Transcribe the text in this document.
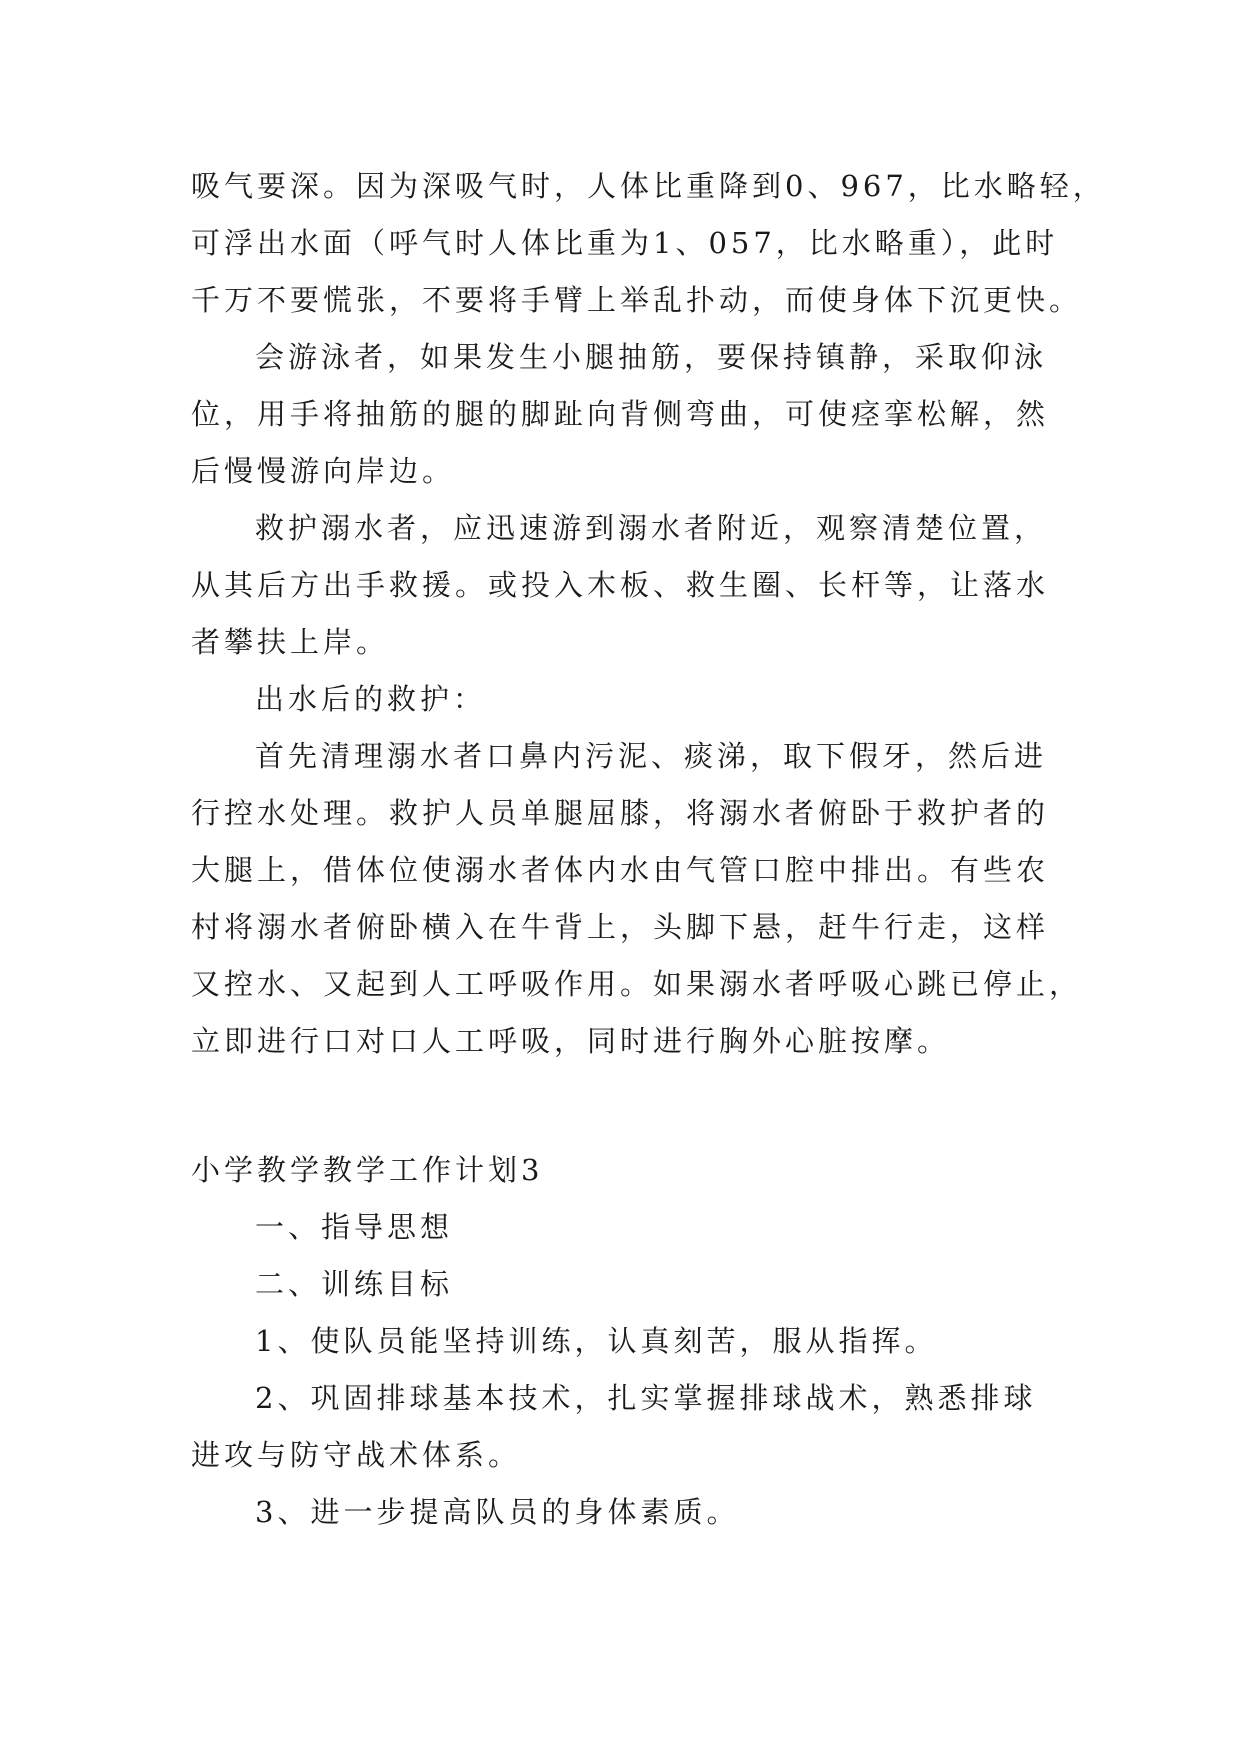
吸气要深。因为深吸气时，人体比重降到0、967，比水略轻，
可浮出水面（呼气时人体比重为1、057，比水略重），此时
千万不要慌张，不要将手臂上举乱扑动，而使身体下沉更快。
会游泳者，如果发生小腿抽筋，要保持镇静，采取仰泳
位，用手将抽筋的腿的脚趾向背侧弯曲，可使痉挛松解，然
后慢慢游向岸边。
救护溺水者，应迅速游到溺水者附近，观察清楚位置，
从其后方出手救援。或投入木板、救生圈、长杆等，让落水
者攀扶上岸。
出水后的救护：
首先清理溺水者口鼻内污泥、痰涕，取下假牙，然后进
行控水处理。救护人员单腿屈膝，将溺水者俯卧于救护者的
大腿上，借体位使溺水者体内水由气管口腔中排出。有些农
村将溺水者俯卧横入在牛背上，头脚下悬，赶牛行走，这样
又控水、又起到人工呼吸作用。如果溺水者呼吸心跳已停止，
立即进行口对口人工呼吸，同时进行胸外心脏按摩。
小学教学教学工作计划3
一、指导思想
二、训练目标
1、使队员能坚持训练，认真刻苦，服从指挥。
2、巩固排球基本技术，扎实掌握排球战术，熟悉排球
进攻与防守战术体系。
3、进一步提高队员的身体素质。
